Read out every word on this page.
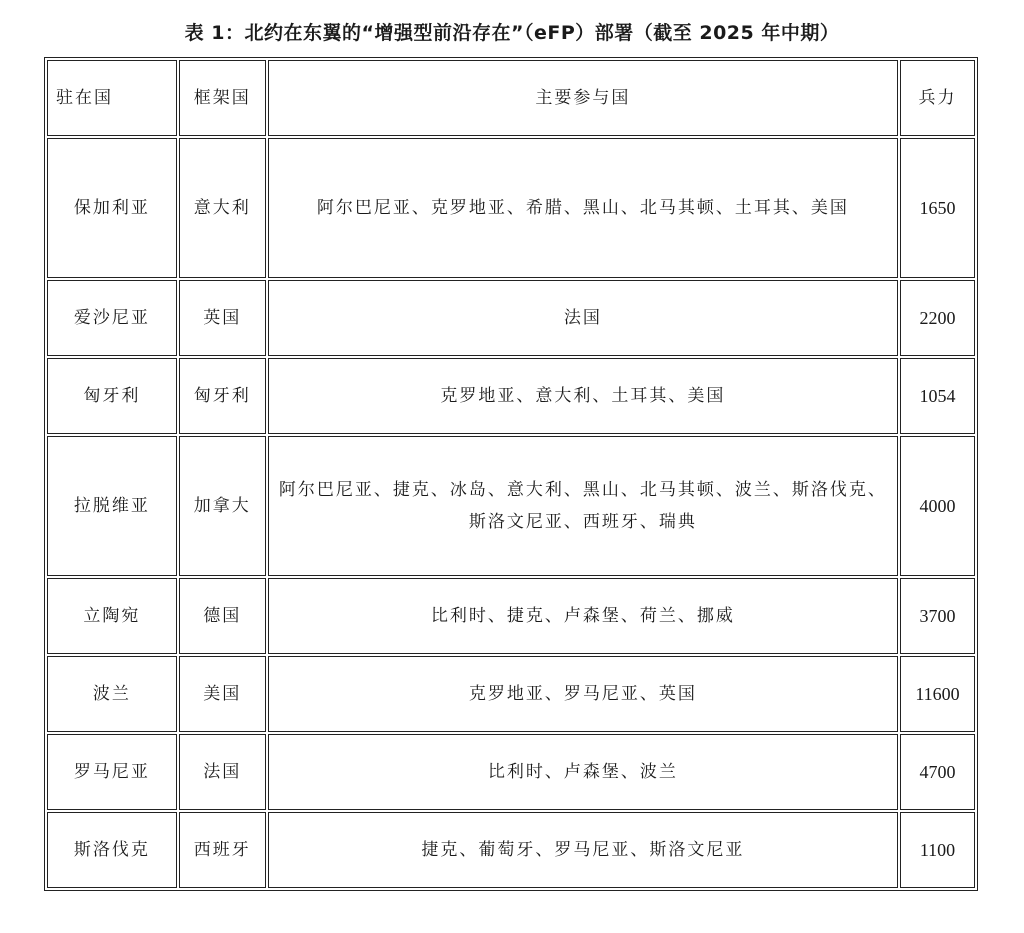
表 1：北约在东翼的“增强型前沿存在”（eFP）部署（截至 2025 年中期）
驻在国	框架国	主要参与国	兵力
保加利亚	意大利	阿尔巴尼亚、克罗地亚、希腊、黑山、北马其顿、土耳其、美国	1650
爱沙尼亚	英国	法国	2200
匈牙利	匈牙利	克罗地亚、意大利、土耳其、美国	1054
拉脱维亚	加拿大	阿尔巴尼亚、捷克、冰岛、意大利、黑山、北马其顿、波兰、斯洛伐克、斯洛文尼亚、西班牙、瑞典	4000
立陶宛	德国	比利时、捷克、卢森堡、荷兰、挪威	3700
波兰	美国	克罗地亚、罗马尼亚、英国	11600
罗马尼亚	法国	比利时、卢森堡、波兰	4700
斯洛伐克	西班牙	捷克、葡萄牙、罗马尼亚、斯洛文尼亚	1100
